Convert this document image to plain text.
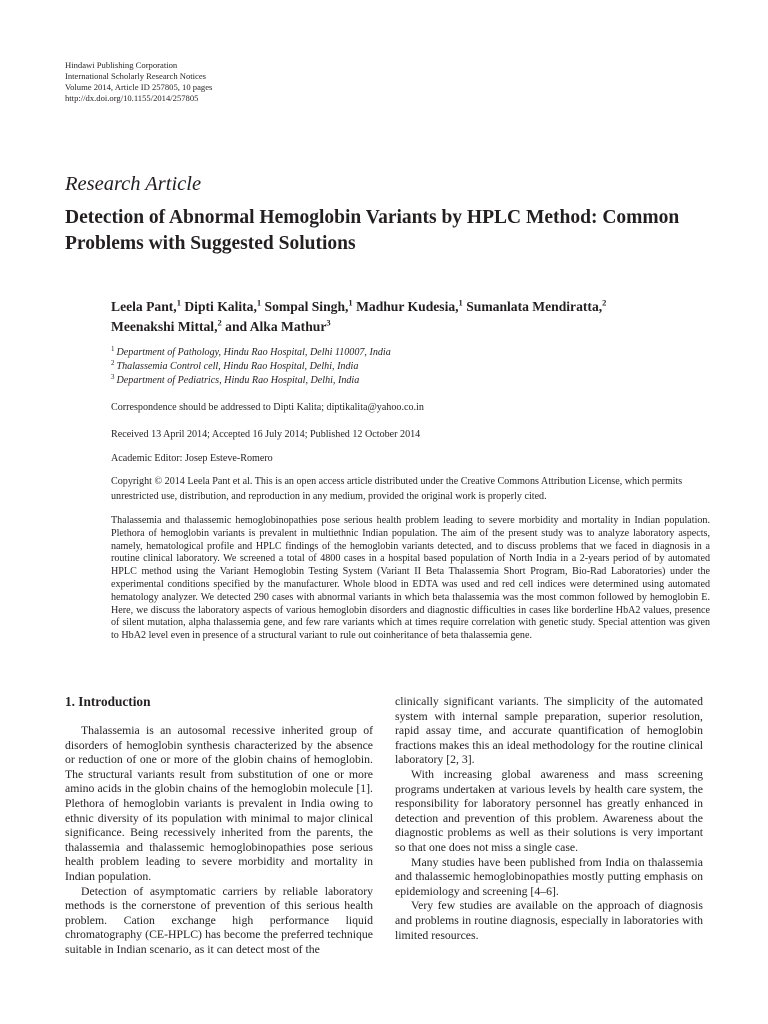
Hindawi Publishing Corporation
International Scholarly Research Notices
Volume 2014, Article ID 257805, 10 pages
http://dx.doi.org/10.1155/2014/257805
Research Article
Detection of Abnormal Hemoglobin Variants by HPLC Method: Common Problems with Suggested Solutions
Leela Pant,$^1$ Dipti Kalita,$^1$ Sompal Singh,$^1$ Madhur Kudesia,$^1$ Sumanlata Mendiratta,$^2$
Meenakshi Mittal,$^2$ and Alka Mathur$^3$
$^1$ Department of Pathology, Hindu Rao Hospital, Delhi 110007, India
$^2$ Thalassemia Control cell, Hindu Rao Hospital, Delhi, India
$^3$ Department of Pediatrics, Hindu Rao Hospital, Delhi, India
Correspondence should be addressed to Dipti Kalita; diptikalita@yahoo.co.in
Received 13 April 2014; Accepted 16 July 2014; Published 12 October 2014
Academic Editor: Josep Esteve-Romero
Copyright © 2014 Leela Pant et al. This is an open access article distributed under the Creative Commons Attribution License, which permits unrestricted use, distribution, and reproduction in any medium, provided the original work is properly cited.
Thalassemia and thalassemic hemoglobinopathies pose serious health problem leading to severe morbidity and mortality in Indian population. Plethora of hemoglobin variants is prevalent in multiethnic Indian population. The aim of the present study was to analyze laboratory aspects, namely, hematological profile and HPLC findings of the hemoglobin variants detected, and to discuss problems that we faced in diagnosis in a routine clinical laboratory. We screened a total of 4800 cases in a hospital based population of North India in a 2-years period of by automated HPLC method using the Variant Hemoglobin Testing System (Variant II Beta Thalassemia Short Program, Bio-Rad Laboratories) under the experimental conditions specified by the manufacturer. Whole blood in EDTA was used and red cell indices were determined using automated hematology analyzer. We detected 290 cases with abnormal variants in which beta thalassemia was the most common followed by hemoglobin E. Here, we discuss the laboratory aspects of various hemoglobin disorders and diagnostic difficulties in cases like borderline HbA2 values, presence of silent mutation, alpha thalassemia gene, and few rare variants which at times require correlation with genetic study. Special attention was given to HbA2 level even in presence of a structural variant to rule out coinheritance of beta thalassemia gene.
1. Introduction

Thalassemia is an autosomal recessive inherited group of disorders of hemoglobin synthesis characterized by the absence or reduction of one or more of the globin chains of hemoglobin. The structural variants result from substitution of one or more amino acids in the globin chains of the hemoglobin molecule [1]. Plethora of hemoglobin variants is prevalent in India owing to ethnic diversity of its population with minimal to major clinical significance. Being recessively inherited from the parents, the thalassemia and thalassemic hemoglobinopathies pose serious health problem leading to severe morbidity and mortality in Indian population.

Detection of asymptomatic carriers by reliable laboratory methods is the cornerstone of prevention of this serious health problem. Cation exchange high performance liquid chromatography (CE-HPLC) has become the preferred technique suitable in Indian scenario, as it can detect most of the

clinically significant variants. The simplicity of the automated system with internal sample preparation, superior resolution, rapid assay time, and accurate quantification of hemoglobin fractions makes this an ideal methodology for the routine clinical laboratory [2, 3].

With increasing global awareness and mass screening programs undertaken at various levels by health care system, the responsibility for laboratory personnel has greatly enhanced in detection and prevention of this problem. Awareness about the diagnostic problems as well as their solutions is very important so that one does not miss a single case.

Many studies have been published from India on thalassemia and thalassemic hemoglobinopathies mostly putting emphasis on epidemiology and screening [4–6].

Very few studies are available on the approach of diagnosis and problems in routine diagnosis, especially in laboratories with limited resources.
